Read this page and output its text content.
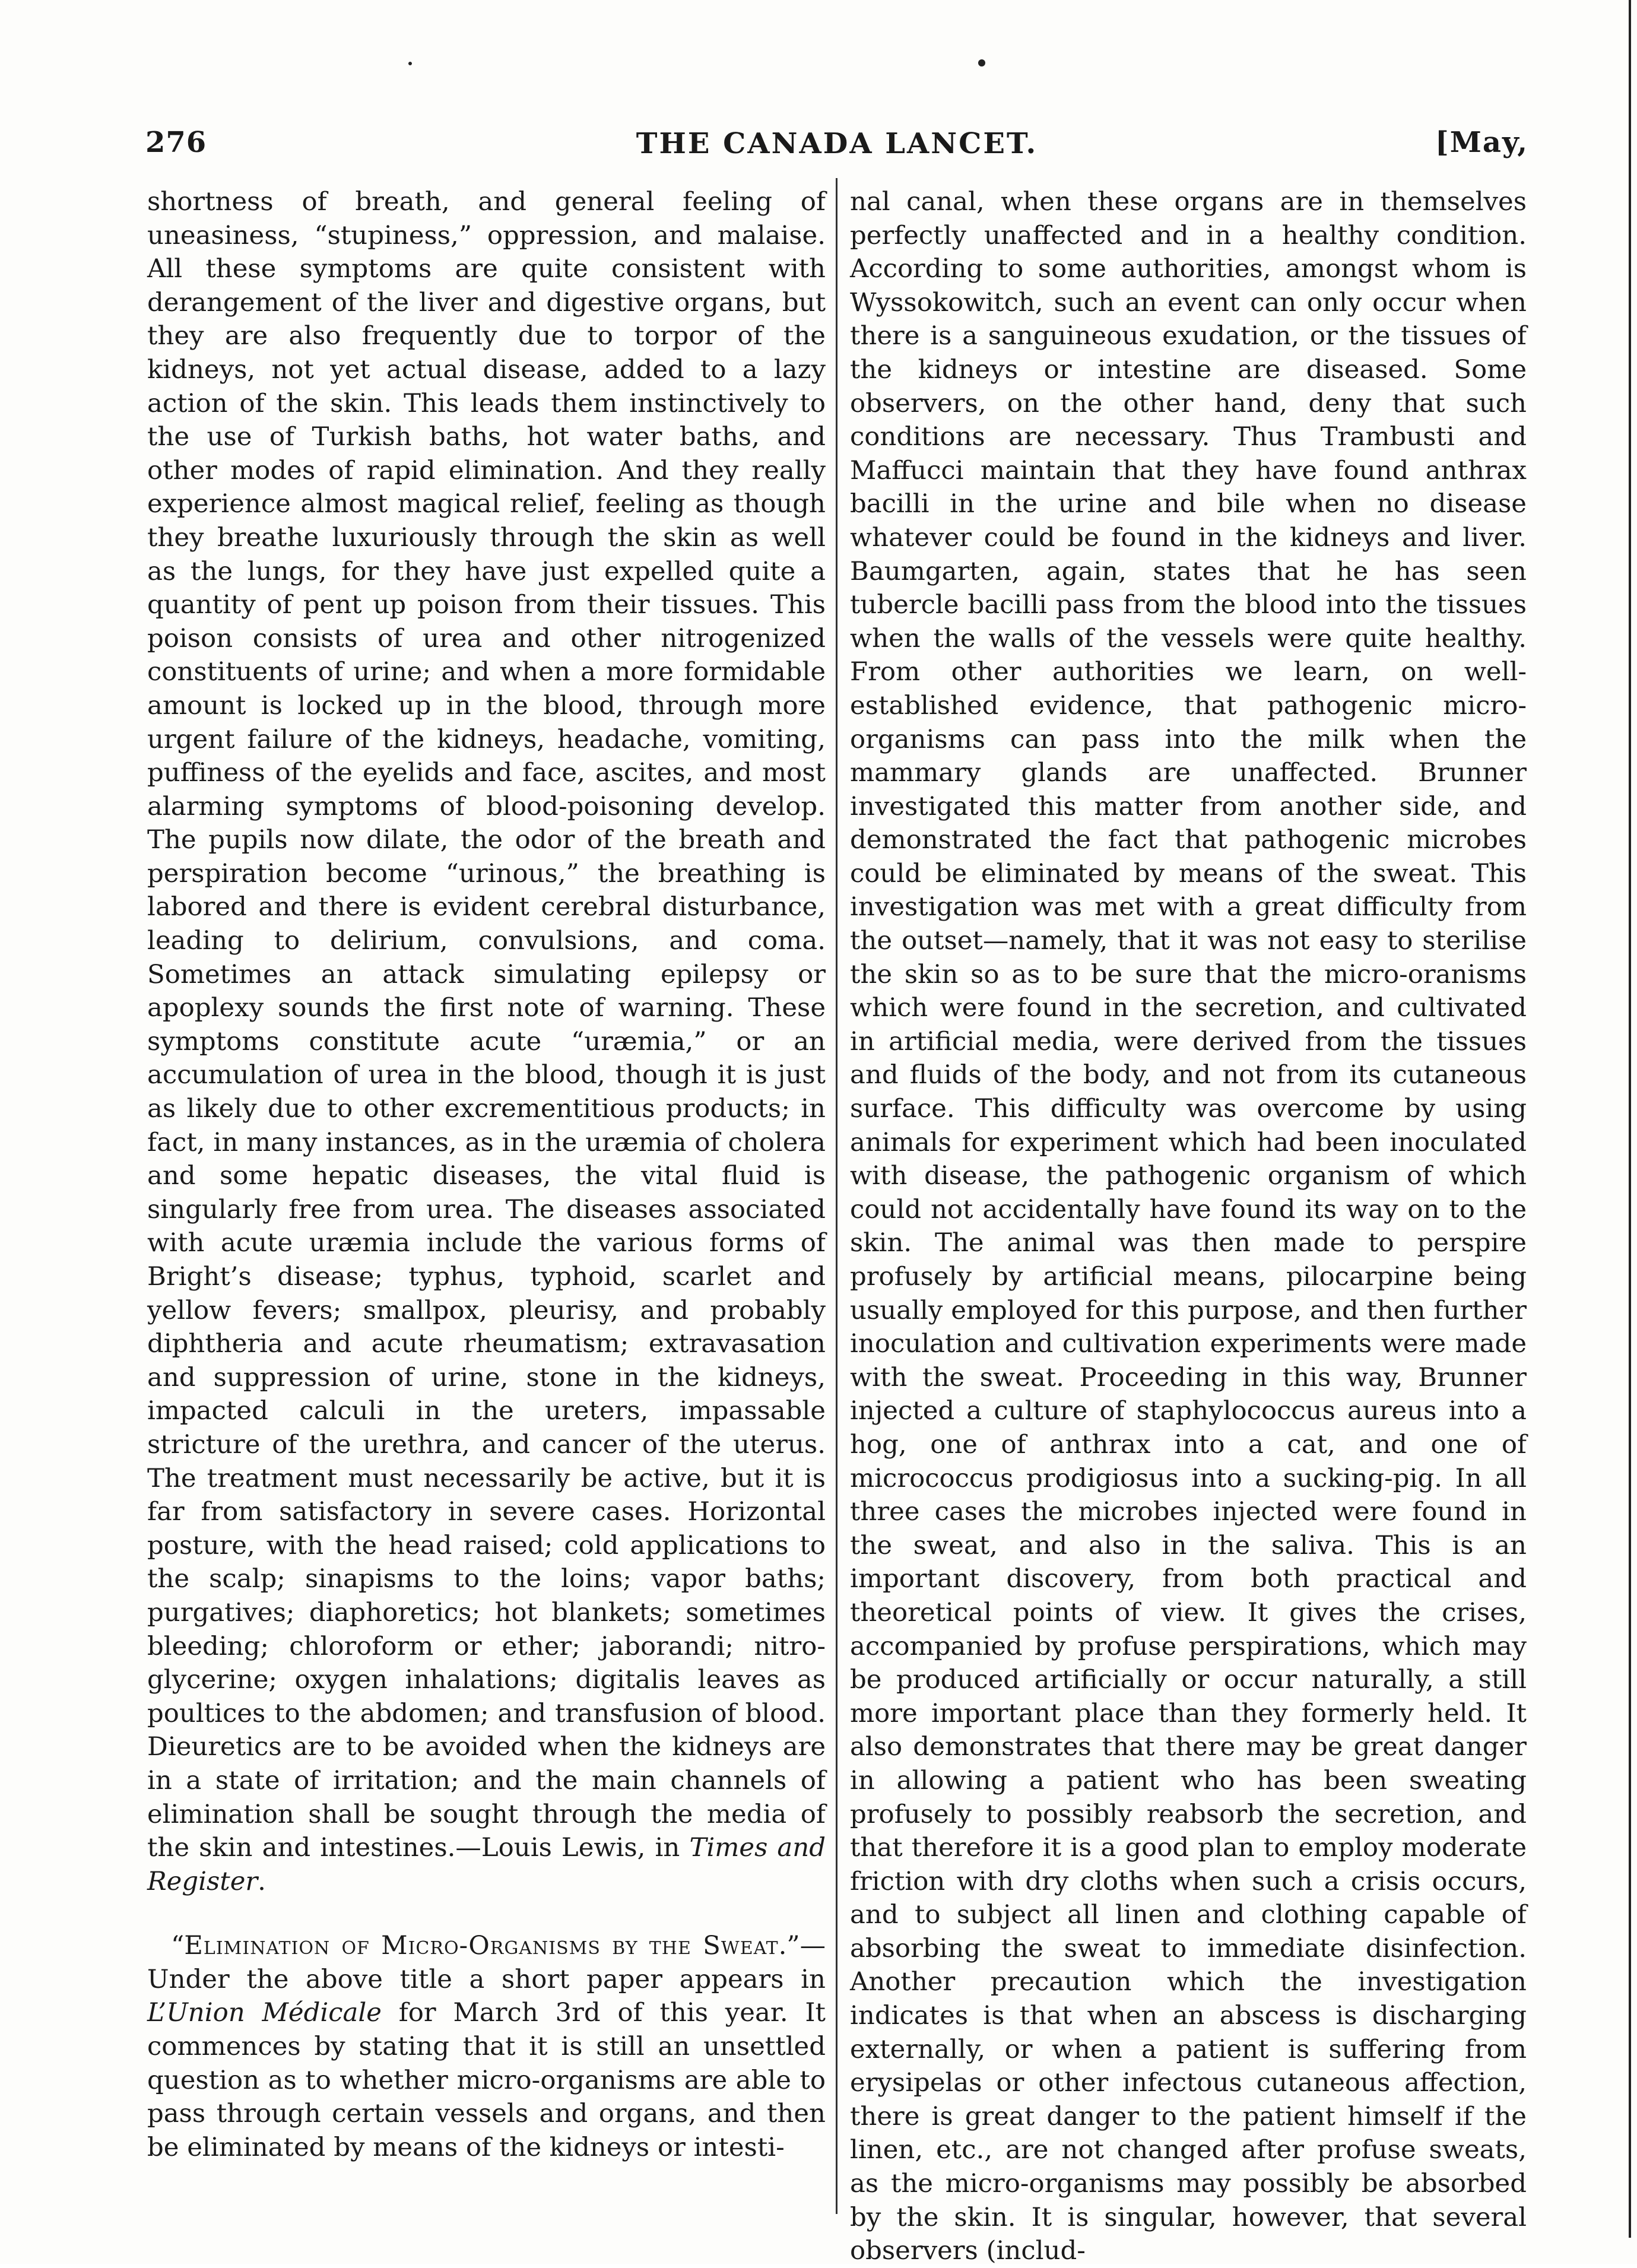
276	THE CANADA LANCET.	[May,

shortness of breath, and general feeling of uneasiness, “stupiness,” oppression, and malaise. All these symptoms are quite consistent with derangement of the liver and digestive organs, but they are also frequently due to torpor of the kidneys, not yet actual disease, added to a lazy action of the skin. This leads them instinctively to the use of Turkish baths, hot water baths, and other modes of rapid elimination. And they really experience almost magical relief, feeling as though they breathe luxuriously through the skin as well as the lungs, for they have just expelled quite a quantity of pent up poison from their tissues. This poison consists of urea and other nitrogenized constituents of urine; and when a more formidable amount is locked up in the blood, through more urgent failure of the kidneys, headache, vomiting, puffiness of the eyelids and face, ascites, and most alarming symptoms of blood-poisoning develop. The pupils now dilate, the odor of the breath and perspiration become “urinous,” the breathing is labored and there is evident cerebral disturbance, leading to delirium, convulsions, and coma. Sometimes an attack simulating epilepsy or apoplexy sounds the first note of warning. These symptoms constitute acute “uræmia,” or an accumulation of urea in the blood, though it is just as likely due to other excrementitious products; in fact, in many instances, as in the uræmia of cholera and some hepatic diseases, the vital fluid is singularly free from urea. The diseases associated with acute uræmia include the various forms of Bright’s disease; typhus, typhoid, scarlet and yellow fevers; smallpox, pleurisy, and probably diphtheria and acute rheumatism; extravasation and suppression of urine, stone in the kidneys, impacted calculi in the ureters, impassable stricture of the urethra, and cancer of the uterus. The treatment must necessarily be active, but it is far from satisfactory in severe cases. Horizontal posture, with the head raised; cold applications to the scalp; sinapisms to the loins; vapor baths; purgatives; diaphoretics; hot blankets; sometimes bleeding; chloroform or ether; jaborandi; nitro-glycerine; oxygen inhalations; digitalis leaves as poultices to the abdomen; and transfusion of blood. Dieuretics are to be avoided when the kidneys are in a state of irritation; and the main channels of elimination shall be sought through the media of the skin and intestines.—Louis Lewis, in Times and Register.

“Elimination of Micro-Organisms by the Sweat.”—Under the above title a short paper appears in L’Union Médicale for March 3rd of this year. It commences by stating that it is still an unsettled question as to whether micro-organisms are able to pass through certain vessels and organs, and then be eliminated by means of the kidneys or intesti-

nal canal, when these organs are in themselves perfectly unaffected and in a healthy condition. According to some authorities, amongst whom is Wyssokowitch, such an event can only occur when there is a sanguineous exudation, or the tissues of the kidneys or intestine are diseased. Some observers, on the other hand, deny that such conditions are necessary. Thus Trambusti and Maffucci maintain that they have found anthrax bacilli in the urine and bile when no disease whatever could be found in the kidneys and liver. Baumgarten, again, states that he has seen tubercle bacilli pass from the blood into the tissues when the walls of the vessels were quite healthy. From other authorities we learn, on well-established evidence, that pathogenic micro-organisms can pass into the milk when the mammary glands are unaffected. Brunner investigated this matter from another side, and demonstrated the fact that pathogenic microbes could be eliminated by means of the sweat. This investigation was met with a great difficulty from the outset—namely, that it was not easy to sterilise the skin so as to be sure that the micro-oranisms which were found in the secretion, and cultivated in artificial media, were derived from the tissues and fluids of the body, and not from its cutaneous surface. This difficulty was overcome by using animals for experiment which had been inoculated with disease, the pathogenic organism of which could not accidentally have found its way on to the skin. The animal was then made to perspire profusely by artificial means, pilocarpine being usually employed for this purpose, and then further inoculation and cultivation experiments were made with the sweat. Proceeding in this way, Brunner injected a culture of staphylococcus aureus into a hog, one of anthrax into a cat, and one of micrococcus prodigiosus into a sucking-pig. In all three cases the microbes injected were found in the sweat, and also in the saliva. This is an important discovery, from both practical and theoretical points of view. It gives the crises, accompanied by profuse perspirations, which may be produced artificially or occur naturally, a still more important place than they formerly held. It also demonstrates that there may be great danger in allowing a patient who has been sweating profusely to possibly reabsorb the secretion, and that therefore it is a good plan to employ moderate friction with dry cloths when such a crisis occurs, and to subject all linen and clothing capable of absorbing the sweat to immediate disinfection. Another precaution which the investigation indicates is that when an abscess is discharging externally, or when a patient is suffering from erysipelas or other infectous cutaneous affection, there is great danger to the patient himself if the linen, etc., are not changed after profuse sweats, as the micro-organisms may possibly be absorbed by the skin. It is singular, however, that several observers (includ-
